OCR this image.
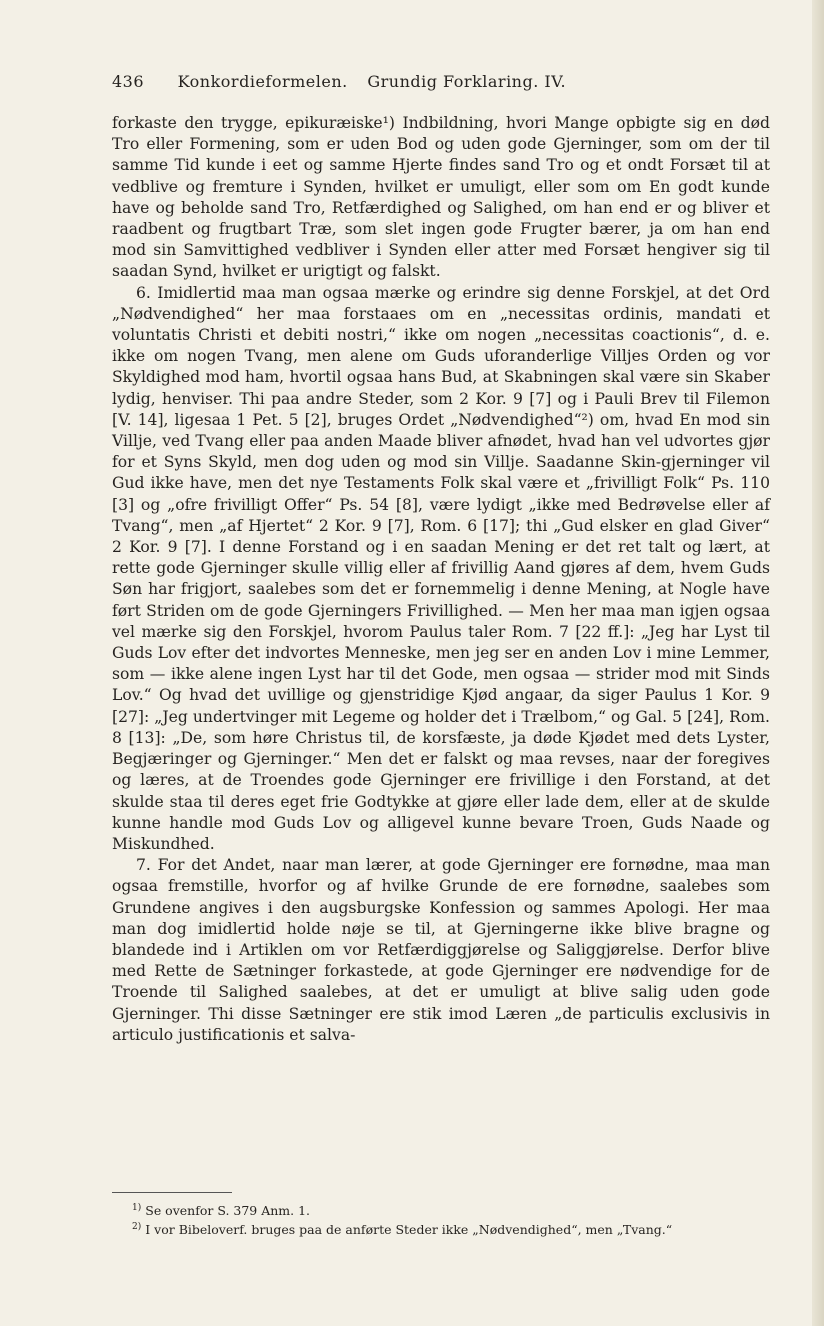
436 Konkordieformelen. Grundig Forklaring. IV.

forkaste den trygge, epikuræiske¹) Indbildning, hvori Mange opbigte sig en død Tro eller Formening, som er uden Bod og uden gode Gjerninger, som om der til samme Tid kunde i eet og samme Hjerte findes sand Tro og et ondt Forsæt til at vedblive og fremture i Synden, hvilket er umuligt, eller som om En godt kunde have og beholde sand Tro, Retfærdighed og Salighed, om han end er og bliver et raadbent og frugtbart Træ, som slet ingen gode Frugter bærer, ja om han end mod sin Samvittighed vedbliver i Synden eller atter med Forsæt hengiver sig til saadan Synd, hvilket er urigtigt og falskt.

6. Imidlertid maa man ogsaa mærke og erindre sig denne Forskjel, at det Ord „Nødvendighed“ her maa forstaaes om en „necessitas ordinis, mandati et voluntatis Christi et debiti nostri,“ ikke om nogen „necessitas coactionis“, d. e. ikke om nogen Tvang, men alene om Guds uforanderlige Villjes Orden og vor Skyldighed mod ham, hvortil ogsaa hans Bud, at Skabningen skal være sin Skaber lydig, henviser. Thi paa andre Steder, som 2 Kor. 9 [7] og i Pauli Brev til Filemon [V. 14], ligesaa 1 Pet. 5 [2], bruges Ordet „Nødvendighed“²) om, hvad En mod sin Villje, ved Tvang eller paa anden Maade bliver afnødet, hvad han vel udvortes gjør for et Syns Skyld, men dog uden og mod sin Villje. Saadanne Skin-gjerninger vil Gud ikke have, men det nye Testaments Folk skal være et „frivilligt Folk“ Ps. 110 [3] og „ofre frivilligt Offer“ Ps. 54 [8], være lydigt „ikke med Bedrøvelse eller af Tvang“, men „af Hjertet“ 2 Kor. 9 [7], Rom. 6 [17]; thi „Gud elsker en glad Giver“ 2 Kor. 9 [7]. I denne Forstand og i en saadan Mening er det ret talt og lært, at rette gode Gjerninger skulle villig eller af frivillig Aand gjøres af dem, hvem Guds Søn har frigjort, saalebes som det er fornemmelig i denne Mening, at Nogle have ført Striden om de gode Gjerningers Frivillighed. — Men her maa man igjen ogsaa vel mærke sig den Forskjel, hvorom Paulus taler Rom. 7 [22 ff.]: „Jeg har Lyst til Guds Lov efter det indvortes Menneske, men jeg ser en anden Lov i mine Lemmer, som — ikke alene ingen Lyst har til det Gode, men ogsaa — strider mod mit Sinds Lov.“ Og hvad det uvillige og gjenstridige Kjød angaar, da siger Paulus 1 Kor. 9 [27]: „Jeg undertvinger mit Legeme og holder det i Trælbom,“ og Gal. 5 [24], Rom. 8 [13]: „De, som høre Christus til, de korsfæste, ja døde Kjødet med dets Lyster, Begjæringer og Gjerninger.“ Men det er falskt og maa revses, naar der foregives og læres, at de Troendes gode Gjerninger ere frivillige i den Forstand, at det skulde staa til deres eget frie Godtykke at gjøre eller lade dem, eller at de skulde kunne handle mod Guds Lov og alligevel kunne bevare Troen, Guds Naade og Miskundhed.

7. For det Andet, naar man lærer, at gode Gjerninger ere fornødne, maa man ogsaa fremstille, hvorfor og af hvilke Grunde de ere fornødne, saalebes som Grundene angives i den augsburgske Konfession og sammes Apologi. Her maa man dog imidlertid holde nøje se til, at Gjerningerne ikke blive bragne og blandede ind i Artiklen om vor Retfærdiggjørelse og Saliggjørelse. Derfor blive med Rette de Sætninger forkastede, at gode Gjerninger ere nødvendige for de Troende til Salighed saalebes, at det er umuligt at blive salig uden gode Gjerninger. Thi disse Sætninger ere stik imod Læren „de particulis exclusivis in articulo justificationis et salva-

$^{1)}$ Se ovenfor S. 379 Anm. 1.
$^{2)}$ I vor Bibeloverf. bruges paa de anførte Steder ikke „Nødvendighed“, men „Tvang.“
